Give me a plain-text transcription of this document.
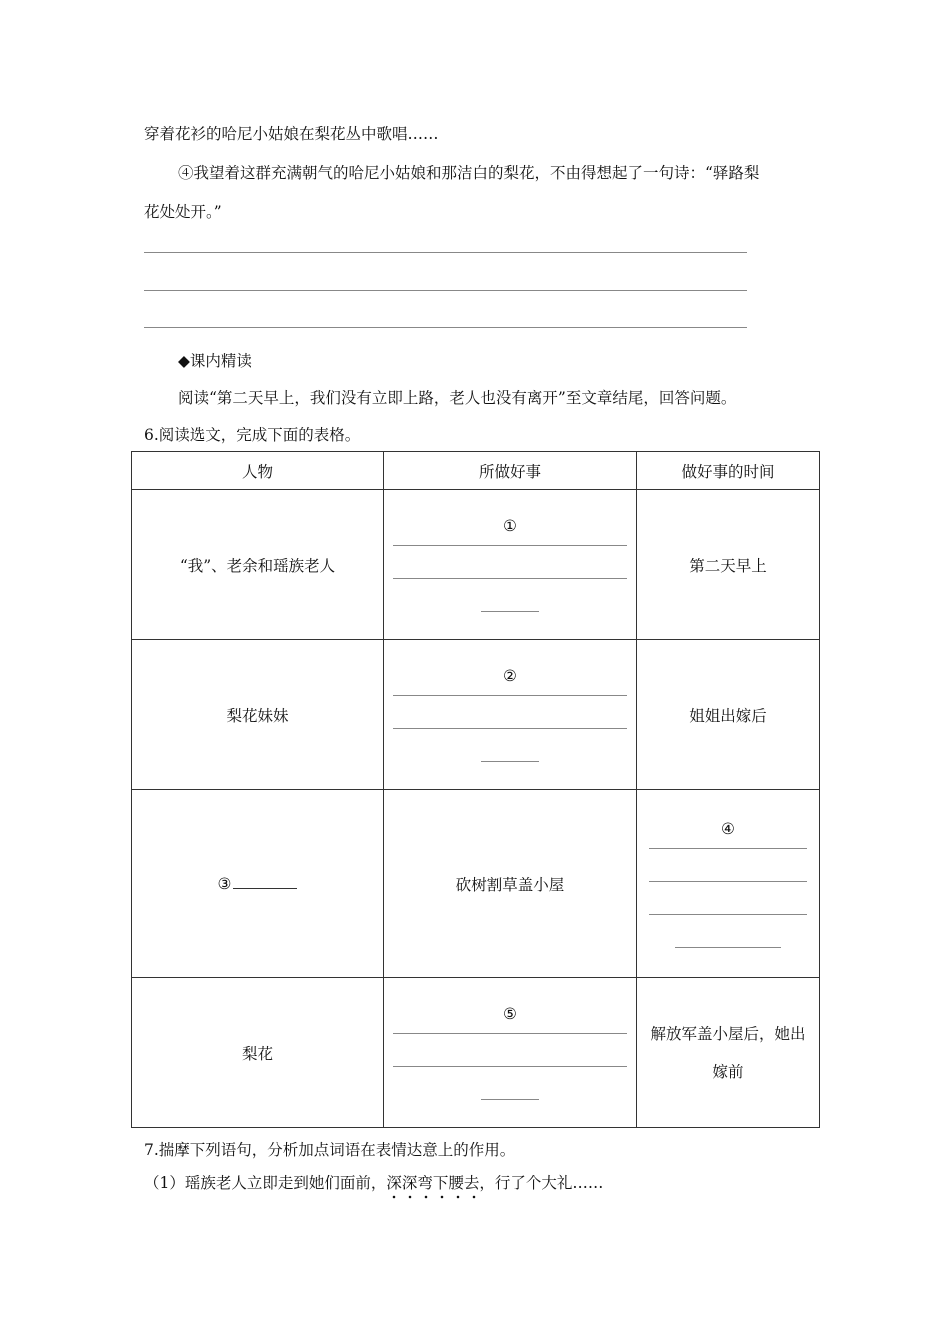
穿着花衫的哈尼小姑娘在梨花丛中歌唱……
④我望着这群充满朝气的哈尼小姑娘和那洁白的梨花，不由得想起了一句诗：“驿路梨
花处处开。”
◆课内精读
阅读“第二天早上，我们没有立即上路，老人也没有离开”至文章结尾，回答问题。
6.阅读选文，完成下面的表格。
人物	所做好事	做好事的时间
“我”、老余和瑶族老人	①	第二天早上
梨花妹妹	②	姐姐出嫁后
③	砍树割草盖小屋	④

梨花	⑤	解放军盖小屋后，她出嫁前
7.揣摩下列语句，分析加点词语在表情达意上的作用。
（1）瑶族老人立即走到她们面前，深深弯下腰去，行了个大礼……
